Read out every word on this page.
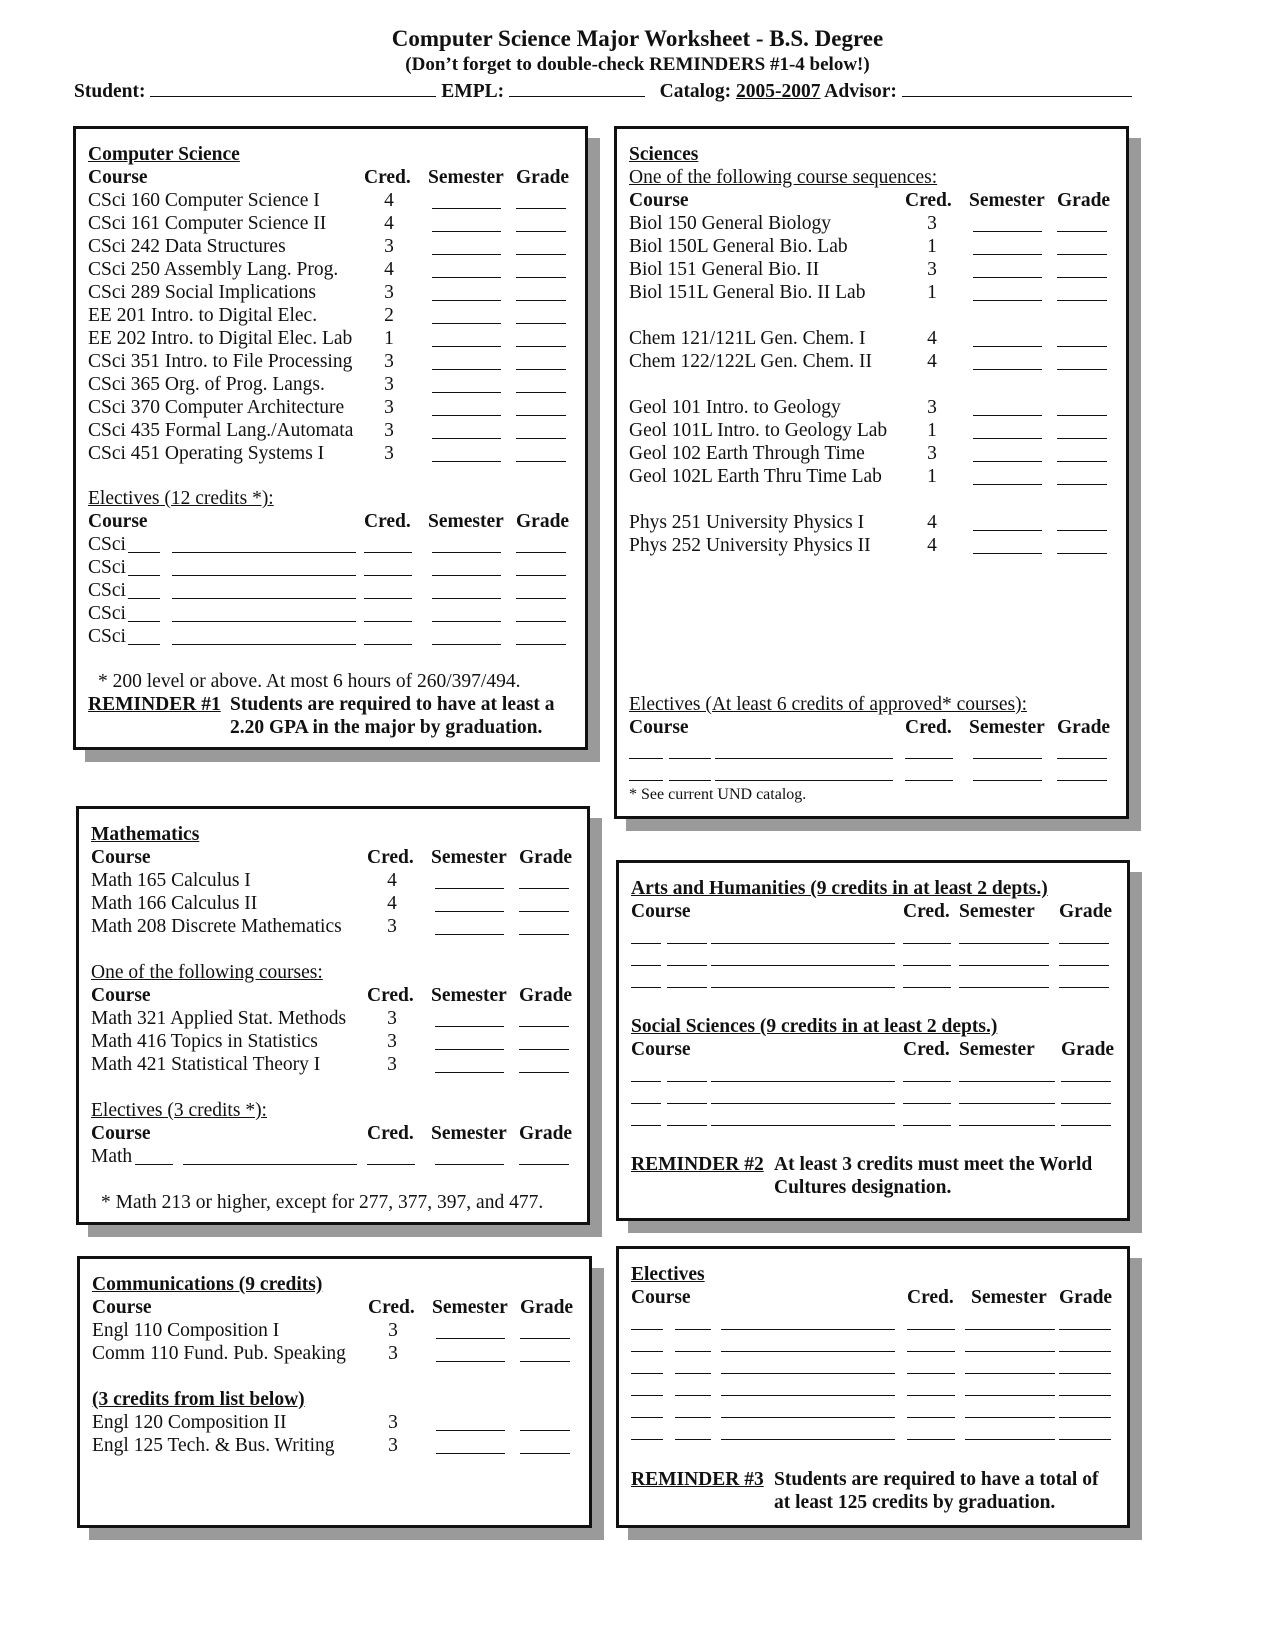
Computer Science Major Worksheet - B.S. Degree
(Don’t forget to double-check REMINDERS #1-4 below!)
Student:	EMPL:	Catalog: 2005-2007 Advisor:
Computer Science
Course	Cred. Semester Grade
CSci 160 Computer Science I	4
CSci 161 Computer Science II	4
CSci 242 Data Structures	3
CSci 250 Assembly Lang. Prog.	4
CSci 289 Social Implications	3
EE 201 Intro. to Digital Elec.	2
EE 202 Intro. to Digital Elec. Lab	1
CSci 351 Intro. to File Processing	3
CSci 365 Org. of Prog. Langs.	3
CSci 370 Computer Architecture	3
CSci 435 Formal Lang./Automata	3
CSci 451 Operating Systems I	3
Electives (12 credits *):
Course	Cred. Semester Grade
CSci
CSci
CSci
CSci
CSci
* 200 level or above. At most 6 hours of 260/397/494.
REMINDER #1 Students are required to have at least a
2.20 GPA in the major by graduation.
Sciences
One of the following course sequences:
Course	Cred. Semester Grade
Biol 150 General Biology	3
Biol 150L General Bio. Lab	1
Biol 151 General Bio. II	3
Biol 151L General Bio. II Lab	1
Chem 121/121L Gen. Chem. I	4
Chem 122/122L Gen. Chem. II	4
Geol 101 Intro. to Geology	3
Geol 101L Intro. to Geology Lab	1
Geol 102 Earth Through Time	3
Geol 102L Earth Thru Time Lab	1
Phys 251 University Physics I	4
Phys 252 University Physics II	4
Electives (At least 6 credits of approved* courses):
Course	Cred. Semester Grade
* See current UND catalog.
Mathematics
Course	Cred. Semester Grade
Math 165 Calculus I	4
Math 166 Calculus II	4
Math 208 Discrete Mathematics	3
One of the following courses:
Course	Cred. Semester Grade
Math 321 Applied Stat. Methods	3
Math 416 Topics in Statistics	3
Math 421 Statistical Theory I	3
Electives (3 credits *):
Course	Cred. Semester Grade
Math
* Math 213 or higher, except for 277, 377, 397, and 477.
Arts and Humanities (9 credits in at least 2 depts.)
Course	Cred. Semester Grade
Social Sciences (9 credits in at least 2 depts.)
Course	Cred. Semester Grade
REMINDER #2 At least 3 credits must meet the World
Cultures designation.
Communications (9 credits)
Course	Cred. Semester Grade
Engl 110 Composition I	3
Comm 110 Fund. Pub. Speaking	3
(3 credits from list below)
Engl 120 Composition II	3
Engl 125 Tech. & Bus. Writing	3
Electives
Course	Cred. Semester Grade
REMINDER #3 Students are required to have a total of
at least 125 credits by graduation.
